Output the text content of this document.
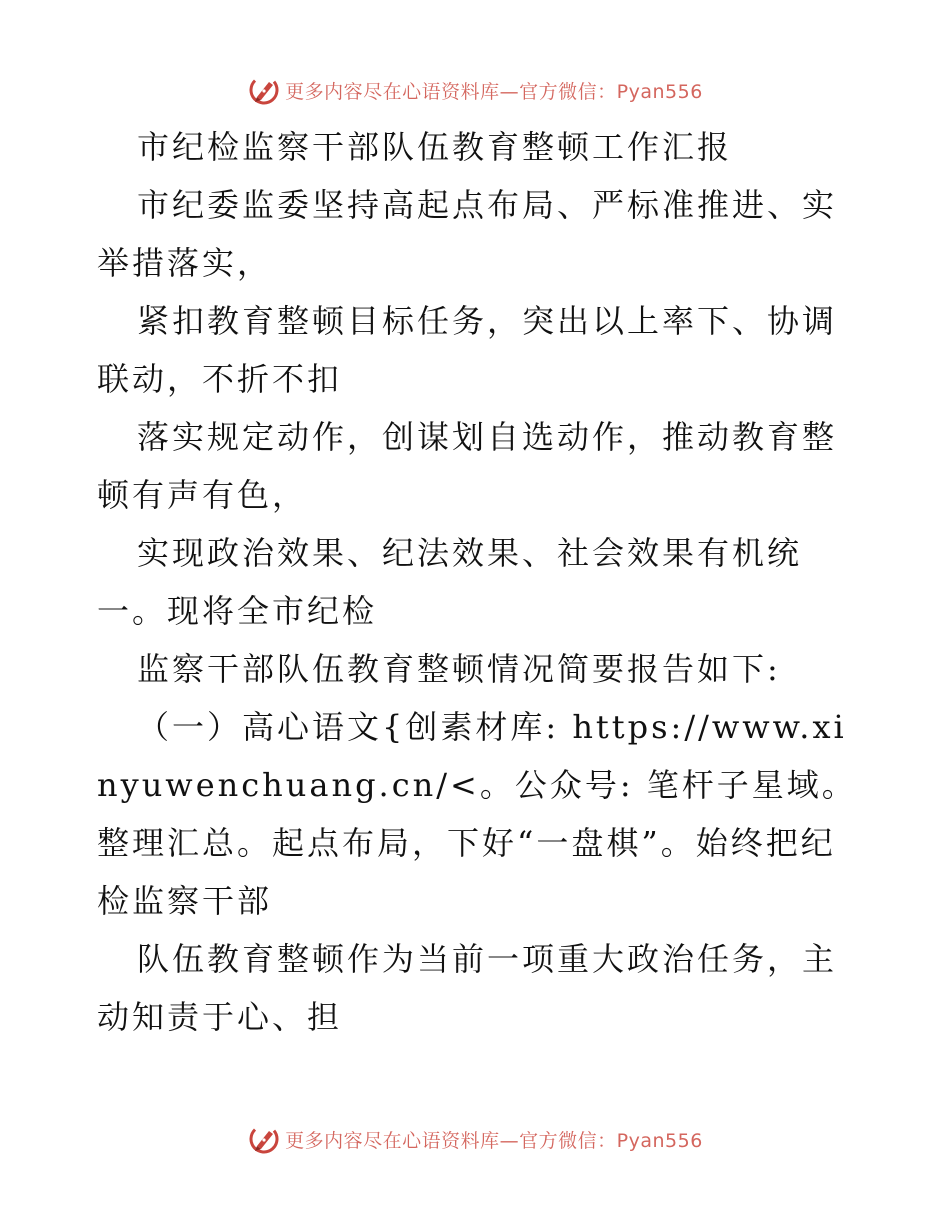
更多内容尽在心语资料库—官方微信：Pyan556

市纪检监察干部队伍教育整顿工作汇报

市纪委监委坚持高起点布局、严标准推进、实举措落实，

紧扣教育整顿目标任务，突出以上率下、协调联动，不折不扣

落实规定动作，创谋划自选动作，推动教育整顿有声有色，

实现政治效果、纪法效果、社会效果有机统一。现将全市纪检

监察干部队伍教育整顿情况简要报告如下:

（一）高心语文{创素材库: https://www.xinyuwenchuang.cn/<。公众号: 笔杆子星域。整理汇总。起点布局，下好“一盘棋”。始终把纪检监察干部

队伍教育整顿作为当前一项重大政治任务，主动知责于心、担

更多内容尽在心语资料库—官方微信：Pyan556
